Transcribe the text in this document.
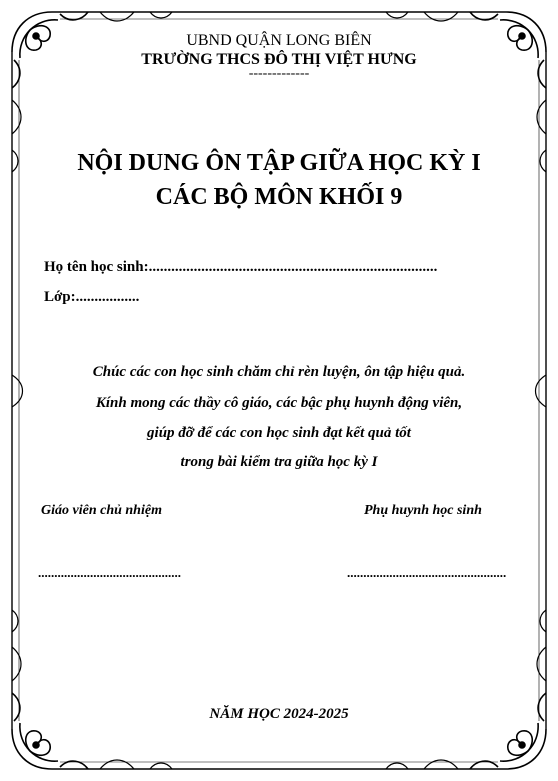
UBND QUẬN LONG BIÊN
TRƯỜNG THCS ĐÔ THỊ VIỆT HƯNG
-------------
NỘI DUNG ÔN TẬP GIỮA HỌC KỲ I
CÁC BỘ MÔN KHỐI 9
Họ tên học sinh:.............................................................................
Lớp:.................
Chúc các con học sinh chăm chỉ rèn luyện, ôn tập hiệu quả.
Kính mong các thầy cô giáo, các bậc phụ huynh động viên,
giúp đỡ để các con học sinh đạt kết quả tốt
trong bài kiểm tra giữa học kỳ I
Giáo viên chủ nhiệm	Phụ huynh học sinh
............................................	.................................................
NĂM HỌC 2024-2025
